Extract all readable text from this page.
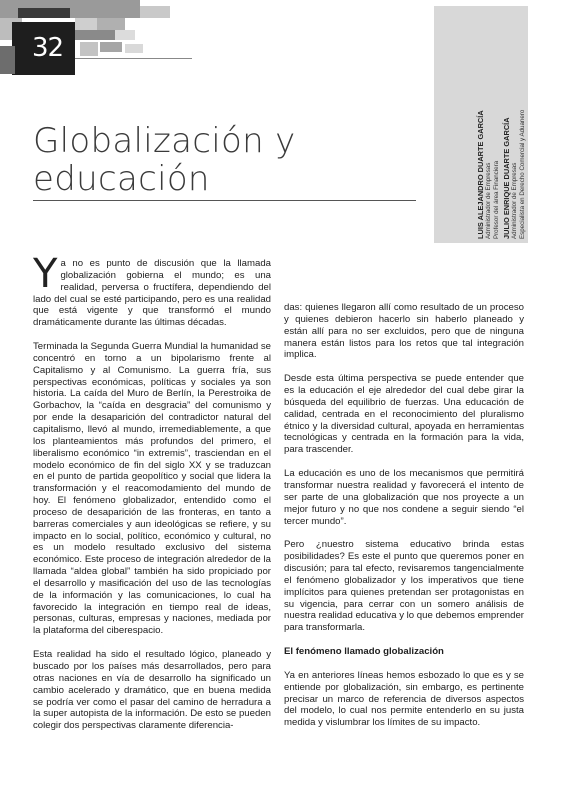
32
Globalización y
educación	LUIS ALEJANDRO DUARTE GARCÍA Administrador de Empresas Profesor del área Financiera JULIO ENRIQUE DUARTE GARCÍA Administrador de Empresas Especialista en Derecho Comercial y Aduanero

Ya no es punto de discusión que la llamada globalización gobierna el mundo; es una realidad, perversa o fructífera, dependiendo del lado del cual se esté participando, pero es una realidad que está vigente y que transformó el mundo dramáticamente durante las últimas décadas.

Terminada la Segunda Guerra Mundial la humanidad se concentró en torno a un bipolarismo frente al Capitalismo y al Comunismo. La guerra fría, sus perspectivas económicas, políticas y sociales ya son historia. La caída del Muro de Berlín, la Perestroika de Gorbachov, la “caída en desgracia” del comunismo y por ende la desaparición del contradictor natural del capitalismo, llevó al mundo, irremediablemente, a que los planteamientos más profundos del primero, el liberalismo económico “in extremis”, trasciendan en el modelo económico de fin del siglo XX y se traduzcan en el punto de partida geopolítico y social que lidera la transformación y el reacomodamiento del mundo de hoy. El fenómeno globalizador, entendido como el proceso de desaparición de las fronteras, en tanto a barreras comerciales y aun ideológicas se refiere, y su impacto en lo social, político, económico y cultural, no es un modelo resultado exclusivo del sistema económico. Este proceso de integración alrededor de la llamada “aldea global” también ha sido propiciado por el desarrollo y masificación del uso de las tecnologías de la información y las comunicaciones, lo cual ha favorecido la integración en tiempo real de ideas, personas, culturas, empresas y naciones, mediada por la plataforma del ciberespacio.

Esta realidad ha sido el resultado lógico, planeado y buscado por los países más desarrollados, pero para otras naciones en vía de desarrollo ha significado un cambio acelerado y dramático, que en buena medida se podría ver como el pasar del camino de herradura a la super autopista de la información. De esto se pueden colegir dos perspectivas claramente diferencia-

das: quienes llegaron allí como resultado de un proceso y quienes debieron hacerlo sin haberlo planeado y están allí para no ser excluidos, pero que de ninguna manera están listos para los retos que tal integración implica.

Desde esta última perspectiva se puede entender que es la educación el eje alrededor del cual debe girar la búsqueda del equilibrio de fuerzas. Una educación de calidad, centrada en el reconocimiento del pluralismo étnico y la diversidad cultural, apoyada en herramientas tecnológicas y centrada en la formación para la vida, para trascender.

La educación es uno de los mecanismos que permitirá transformar nuestra realidad y favorecerá el intento de ser parte de una globalización que nos proyecte a un mejor futuro y no que nos condene a seguir siendo “el tercer mundo”.

Pero ¿nuestro sistema educativo brinda estas posibilidades? Es este el punto que queremos poner en discusión; para tal efecto, revisaremos tangencialmente el fenómeno globalizador y los imperativos que tiene implícitos para quienes pretendan ser protagonistas en su vigencia, para cerrar con un somero análisis de nuestra realidad educativa y lo que debemos emprender para transformarla.

El fenómeno llamado globalización

Ya en anteriores líneas hemos esbozado lo que es y se entiende por globalización, sin embargo, es pertinente precisar un marco de referencia de diversos aspectos del modelo, lo cual nos permite entenderlo en su justa medida y vislumbrar los límites de su impacto.
